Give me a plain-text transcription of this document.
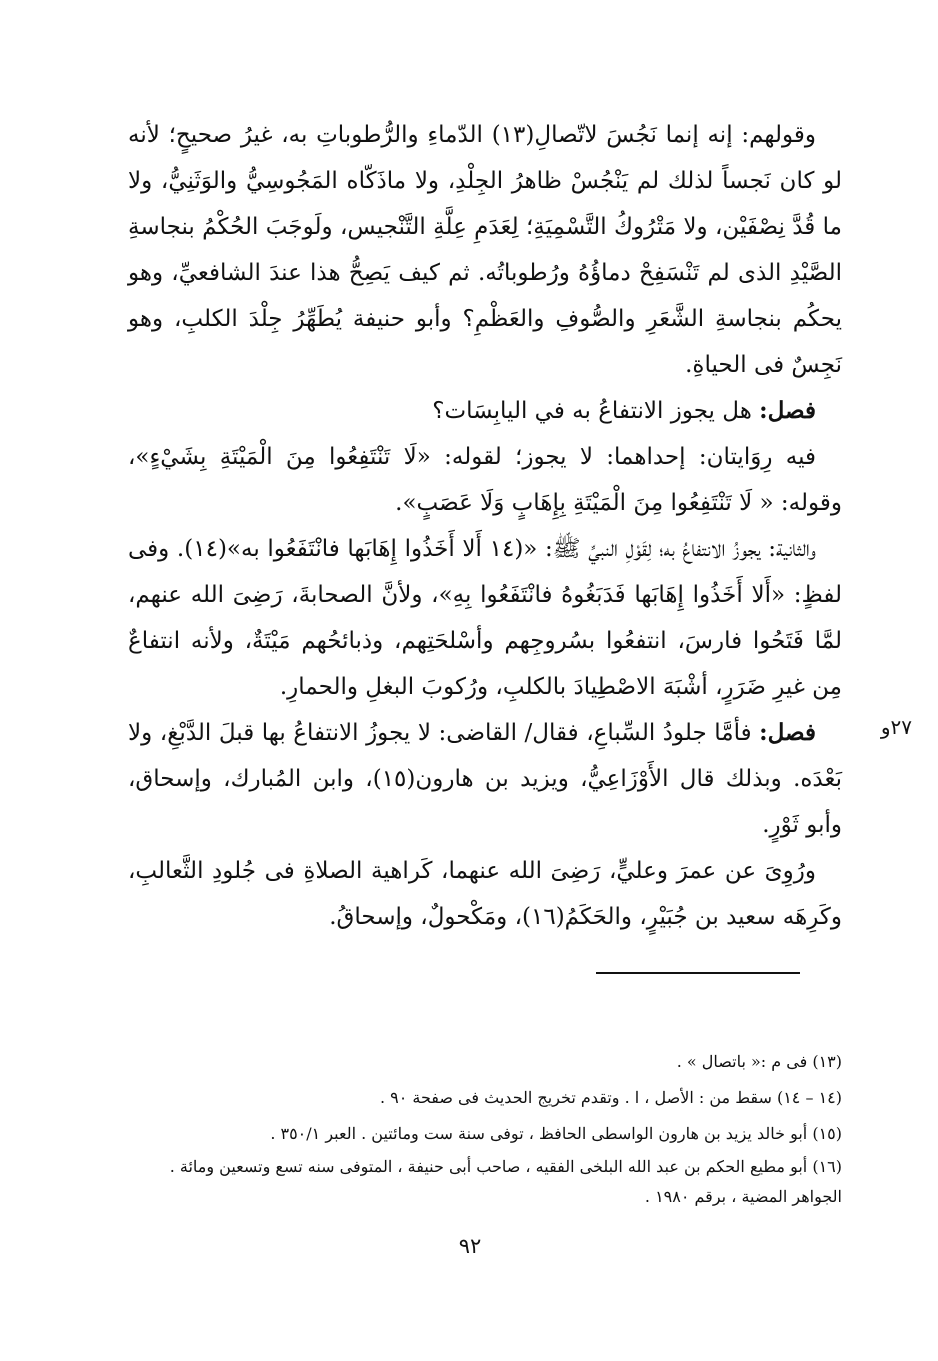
وقولهم: إنه إنما نَجُسَ لاتّصالِ(١٣) الدّماءِ والرُّطوباتِ به، غيرُ صحيحٍ؛ لأنه لو كان نَجساً لذلك لم يَنْجُسْ ظاهرُ الجِلْدِ، ولا ماذَكّاه المَجُوسِيُّ والوَثَنِيُّ، ولا ما قُدَّ نِصْفَيْن، ولا مَتْرُوكُ التَّسْمِيَةِ؛ لِعَدَمِ عِلَّةِ التَّنْجيس، ولَوجَبَ الحُكْمُ بنجاسةِ الصَّيْدِ الذى لم تَنْسَفِحْ دماؤُهُ ورُطوباتُه. ثم كيف يَصِحُّ هذا عندَ الشافعيِّ، وهو يحكُم بنجاسةِ الشَّعَرِ والصُّوفِ والعَظْمِ؟ وأبو حنيفة يُطَهِّرُ جِلْدَ الكلبِ، وهو نَجِسٌ فى الحياةِ.

فصل: هل يجوز الانتفاعُ به في اليابِسَات؟

فيه رِوَايتان: إحداهما: لا يجوز؛ لقوله: «لَا تَنْتَفِعُوا مِنَ الْمَيْتَةِ بِشَيْءٍ»، وقوله: « لَا تَنْتَفِعُوا مِنَ الْمَيْتَةِ بِإِهَابٍ وَلَا عَصَبٍ».

والثانية: يجوزُ الانتفاعُ به؛ لِقَوْلِ النبيِّ ﷺ: «(١٤ أَلا أَخَذُوا إِهَابَها فانْتَفَعُوا به»(١٤). وفى لفظٍ: «أَلا أَخَذُوا إِهَابَها فَدَبَغُوهُ فانْتَفَعُوا بِهِ»، ولأنَّ الصحابةَ، رَضِىَ الله عنهم، لمَّا فَتَحُوا فارسَ، انتفعُوا بسُروجِهم وأسْلحَتِهم، وذبائحُهم مَيْتَةٌ، ولأنه انتفاعٌ مِن غيرِ ضَرَرٍ، أشْبَهَ الاصْطِيادَ بالكلبِ، ورُكوبَ البغلِ والحمارِ.

فصل: فأمَّا جلودُ السِّباعِ، فقال/ القاضى: لا يجوزُ الانتفاعُ بها قبلَ الدَّبْغِ، ولا بَعْدَه. وبذلك قال الأَوْزَاعِيُّ، ويزيد بن هارون(١٥)، وابن المُبارك، وإسحاق، وأبو ثَوْرٍ.

ورُوِىَ عن عمرَ وعليٍّ، رَضِىَ الله عنهما، كَراهية الصلاةِ فى جُلودِ الثَّعالبِ، وكَرِهَه سعيد بن جُبَيْرٍ، والحَكَمُ(١٦)، ومَكْحولٌ، وإسحاقُ.

٢٧و

(١٣) فى م :« باتصال » .

(١٤ – ١٤) سقط من : الأصل ، ا . وتقدم تخريج الحديث فى صفحة ٩٠ .

(١٥) أبو خالد يزيد بن هارون الواسطى الحافظ ، توفى سنة ست ومائتين . العبر ٣٥٠/١ .

(١٦) أبو مطيع الحكم بن عبد الله البلخى الفقيه ، صاحب أبى حنيفة ، المتوفى سنه تسع وتسعين ومائة . الجواهر المضية ، برقم ١٩٨٠ .

٩٢
